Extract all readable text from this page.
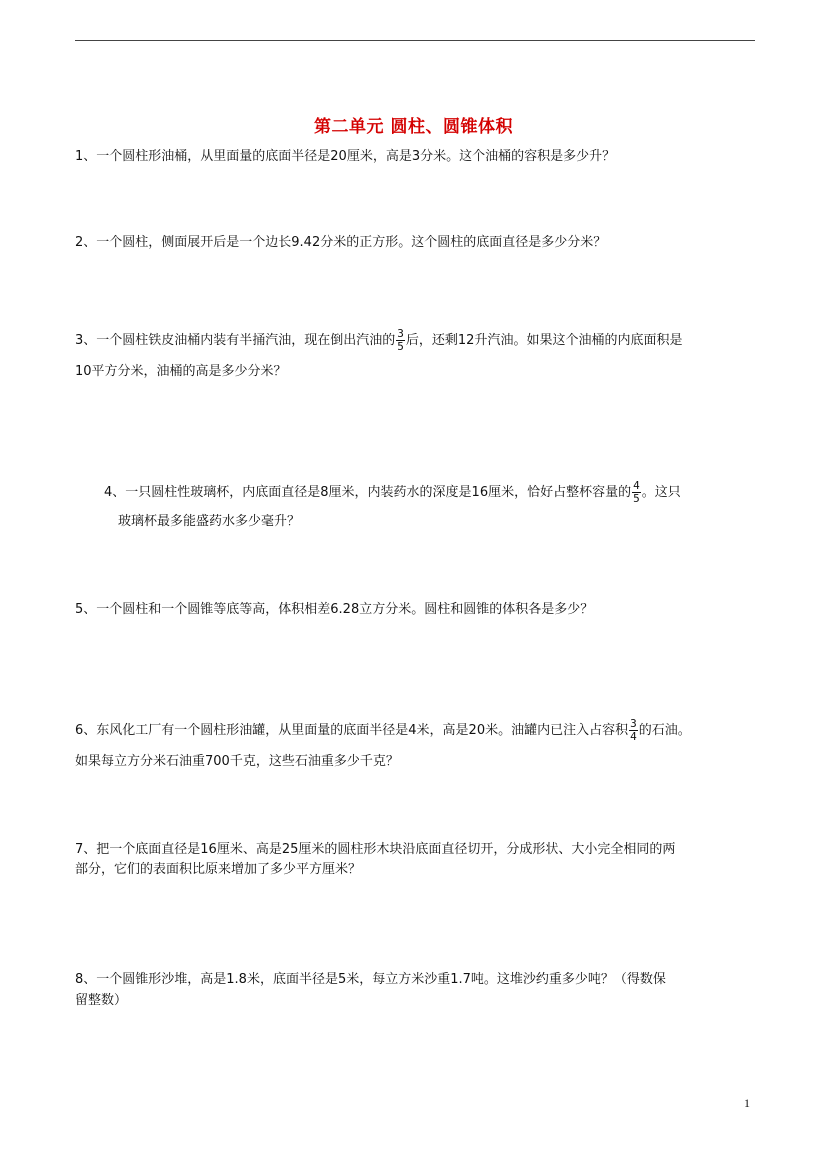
第二单元 圆柱、圆锥体积
1、一个圆柱形油桶，从里面量的底面半径是20厘米，高是3分米。这个油桶的容积是多少升？
2、一个圆柱，侧面展开后是一个边长9.42分米的正方形。这个圆柱的底面直径是多少分米？
3、一个圆柱铁皮油桶内装有半捅汽油，现在倒出汽油的 $\frac{3}{5}$ 后，还剩12升汽油。如果这个油桶的内底面积是
10平方分米，油桶的高是多少分米？
4、一只圆柱性玻璃杯，内底面直径是8厘米，内装药水的深度是16厘米，恰好占整杯容量的 $\frac{4}{5}$ 。这只
玻璃杯最多能盛药水多少毫升？
5、一个圆柱和一个圆锥等底等高，体积相差6.28立方分米。圆柱和圆锥的体积各是多少？
6、东风化工厂有一个圆柱形油罐，从里面量的底面半径是4米，高是20米。油罐内已注入占容积 $\frac{3}{4}$ 的石油。
如果每立方分米石油重700千克，这些石油重多少千克？
7、把一个底面直径是16厘米、高是25厘米的圆柱形木块沿底面直径切开，分成形状、大小完全相同的两
部分，它们的表面积比原来增加了多少平方厘米？
8、一个圆锥形沙堆，高是1.8米，底面半径是5米，每立方米沙重1.7吨。这堆沙约重多少吨？（得数保
留整数）
1
